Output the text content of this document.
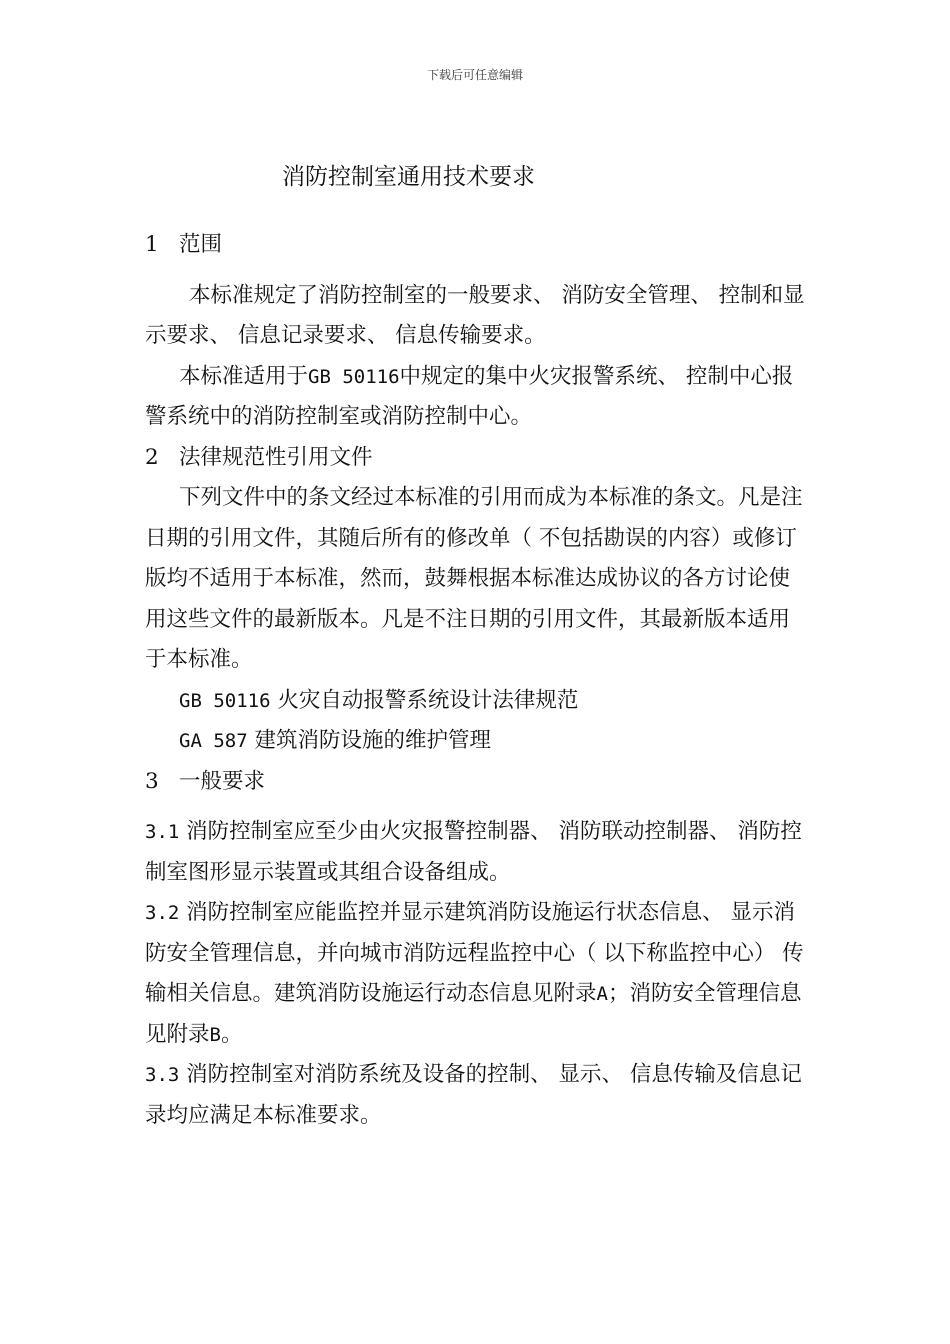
下载后可任意编辑
消防控制室通用技术要求

1 范围

本标准规定了消防控制室的一般要求、 消防安全管理、 控制和显示要求、 信息记录要求、 信息传输要求。

本标准适用于GB 50116中规定的集中火灾报警系统、 控制中心报警系统中的消防控制室或消防控制中心。

2 法律规范性引用文件

下列文件中的条文经过本标准的引用而成为本标准的条文。凡是注日期的引用文件，其随后所有的修改单（ 不包括勘误的内容）或修订版均不适用于本标准，然而，鼓舞根据本标准达成协议的各方讨论使用这些文件的最新版本。凡是不注日期的引用文件，其最新版本适用于本标准。

GB 50116 火灾自动报警系统设计法律规范

GA 587 建筑消防设施的维护管理

3 一般要求

3.1 消防控制室应至少由火灾报警控制器、 消防联动控制器、 消防控制室图形显示装置或其组合设备组成。

3.2 消防控制室应能监控并显示建筑消防设施运行状态信息、 显示消防安全管理信息，并向城市消防远程监控中心（ 以下称监控中心） 传输相关信息。建筑消防设施运行动态信息见附录A；消防安全管理信息见附录B。

3.3 消防控制室对消防系统及设备的控制、 显示、 信息传输及信息记录均应满足本标准要求。
